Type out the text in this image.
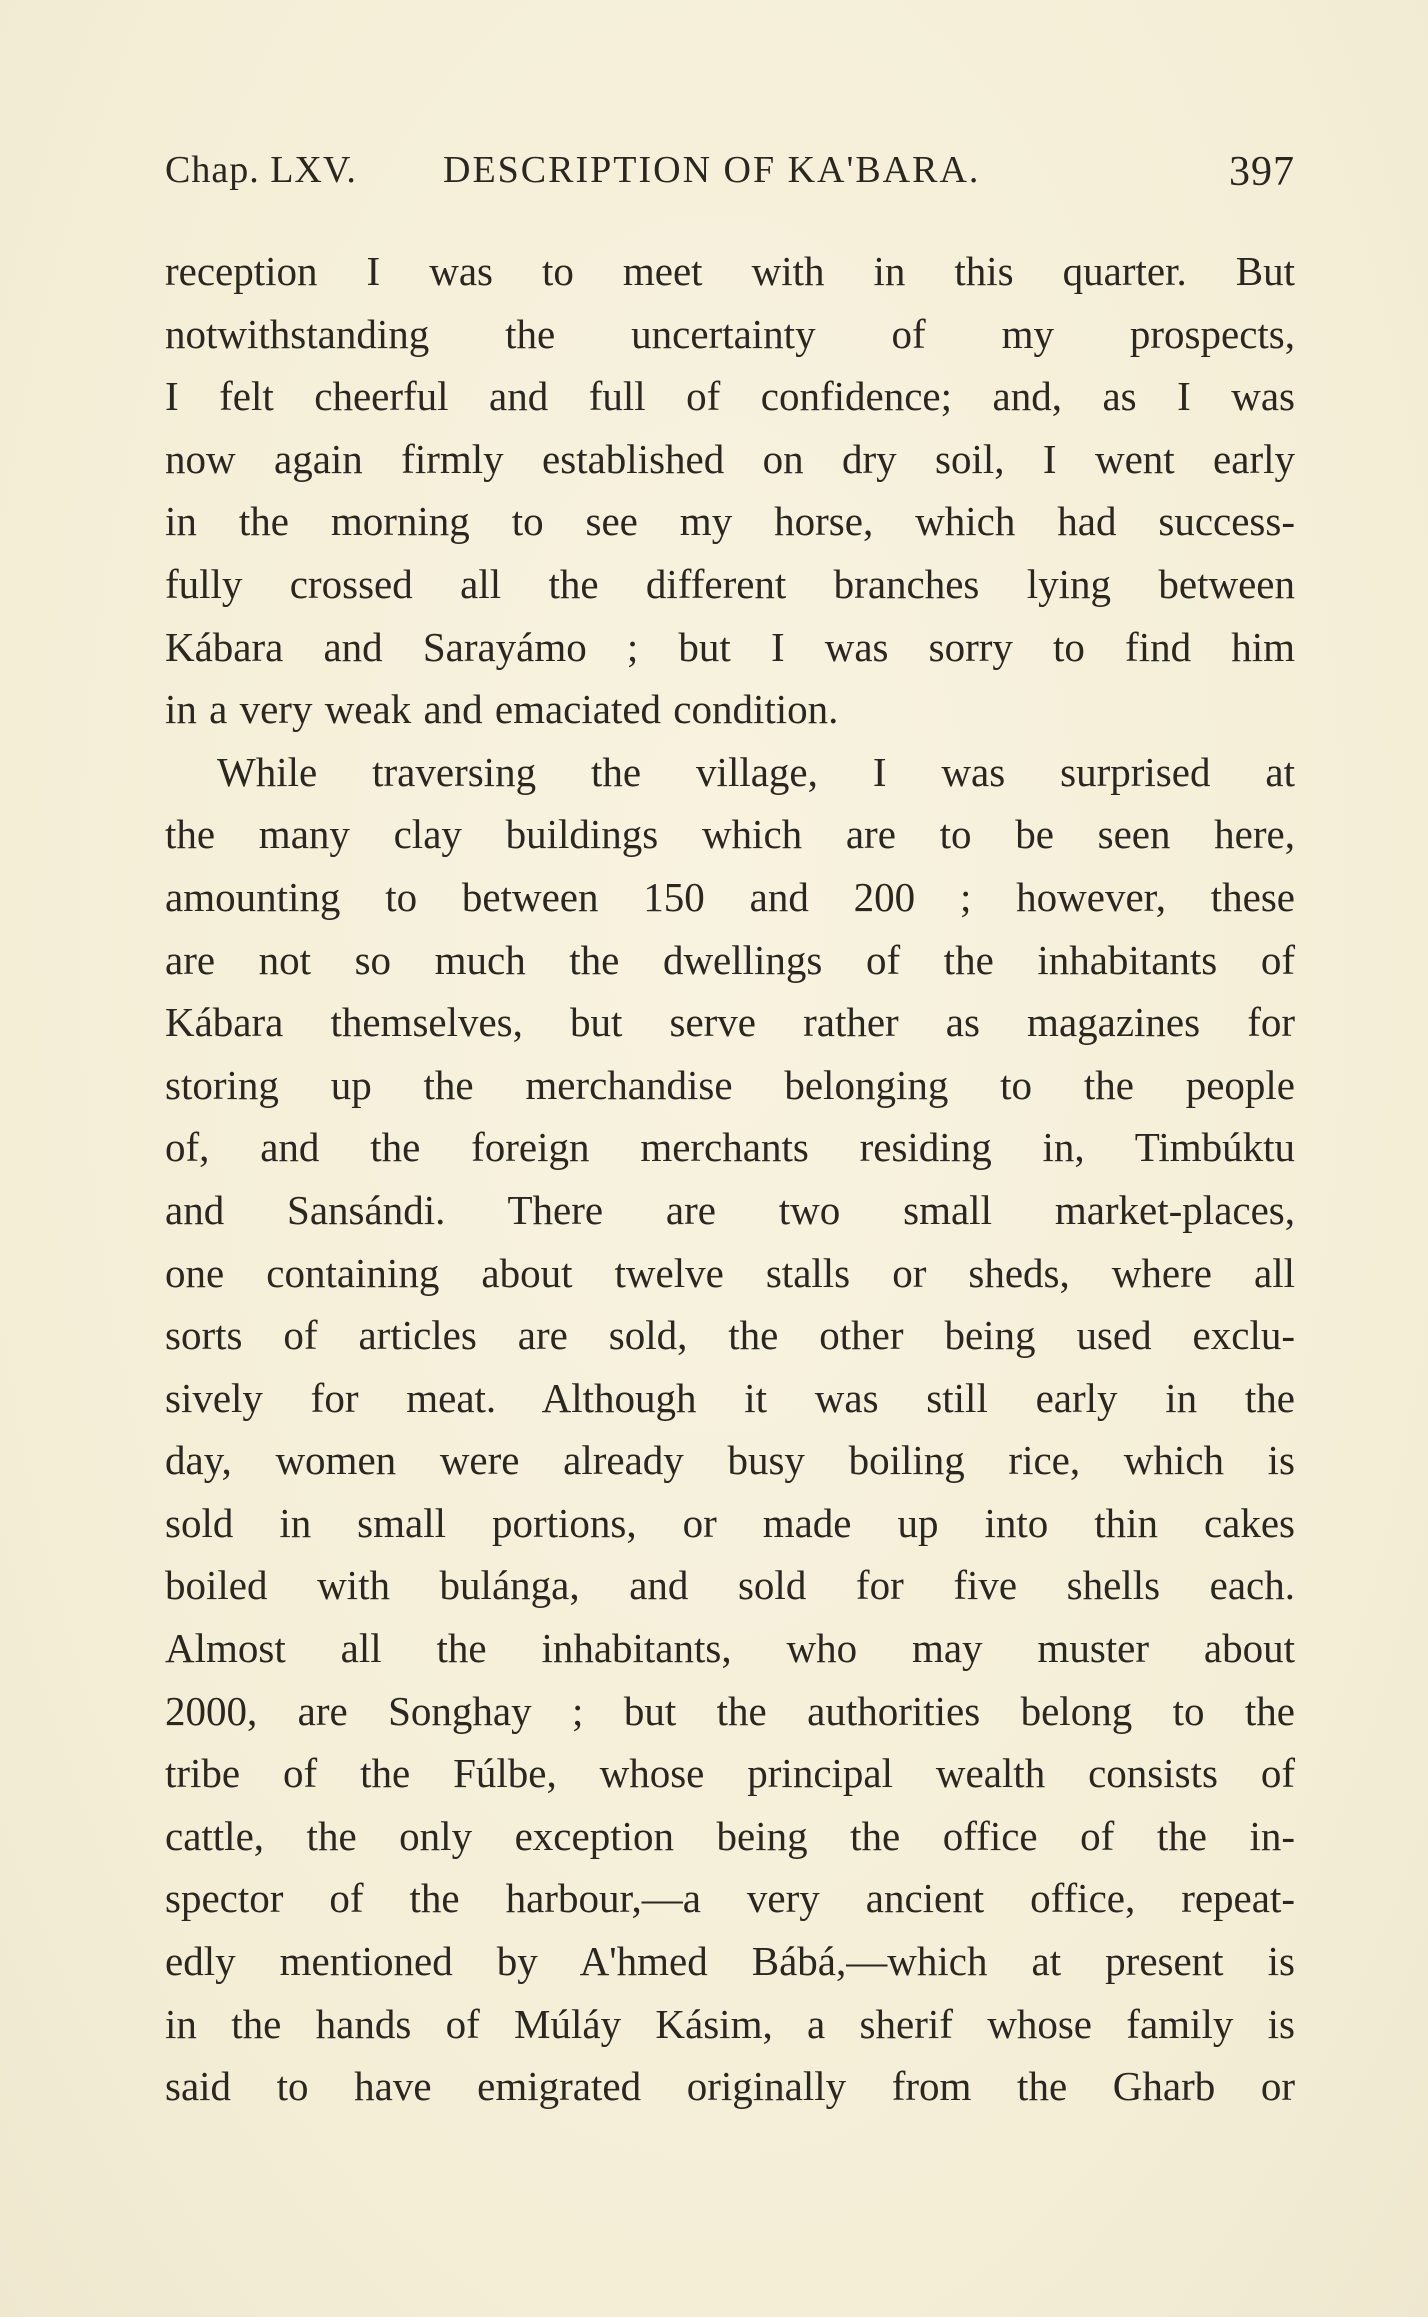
Chap. LXV. DESCRIPTION OF KA'BARA.	397
reception I was to meet with in this quarter. But
notwithstanding the uncertainty of my prospects,
I felt cheerful and full of confidence; and, as I was
now again firmly established on dry soil, I went early
in the morning to see my horse, which had success-
fully crossed all the different branches lying between
Kábara and Sarayámo ; but I was sorry to find him
in a very weak and emaciated condition.
While traversing the village, I was surprised at
the many clay buildings which are to be seen here,
amounting to between 150 and 200 ; however, these
are not so much the dwellings of the inhabitants of
Kábara themselves, but serve rather as magazines for
storing up the merchandise belonging to the people
of, and the foreign merchants residing in, Timbúktu
and Sansándi. There are two small market-places,
one containing about twelve stalls or sheds, where all
sorts of articles are sold, the other being used exclu-
sively for meat. Although it was still early in the
day, women were already busy boiling rice, which is
sold in small portions, or made up into thin cakes
boiled with bulánga, and sold for five shells each.
Almost all the inhabitants, who may muster about
2000, are Songhay ; but the authorities belong to the
tribe of the Fúlbe, whose principal wealth consists of
cattle, the only exception being the office of the in-
spector of the harbour,—a very ancient office, repeat-
edly mentioned by A'hmed Bábá,—which at present is
in the hands of Múláy Kásim, a sherif whose family is
said to have emigrated originally from the Gharb or
